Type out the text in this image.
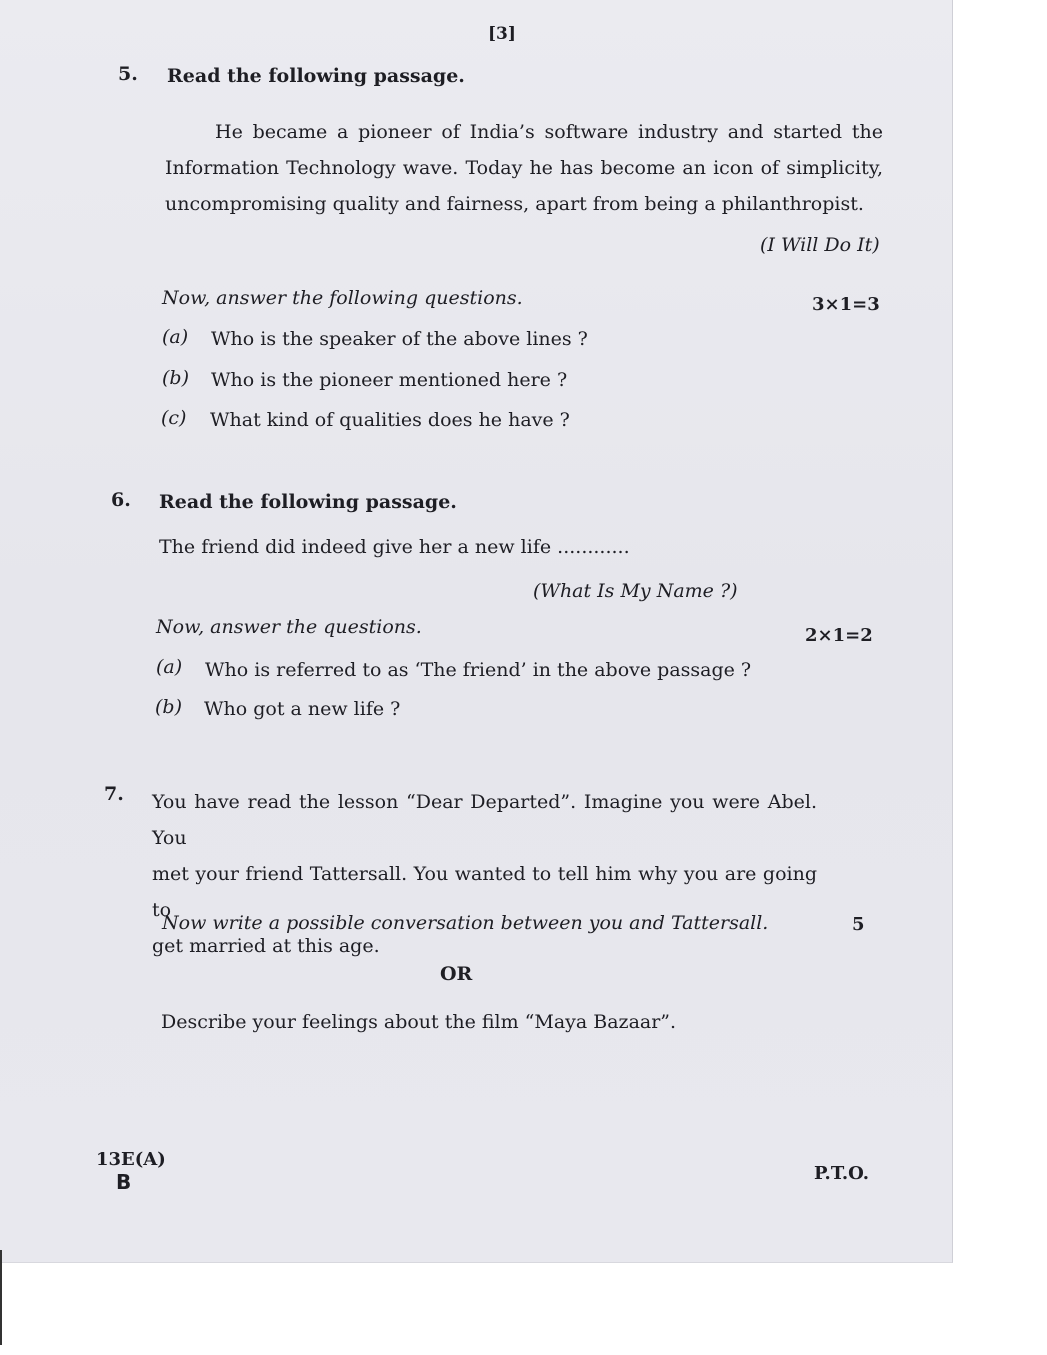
[3]
5. Read the following passage.
He became a pioneer of India’s software industry and started the
Information Technology wave. Today he has become an icon of simplicity,
uncompromising quality and fairness, apart from being a philanthropist.
(I Will Do It)
Now, answer the following questions.	3×1=3
(a) Who is the speaker of the above lines ?
(b) Who is the pioneer mentioned here ?
(c) What kind of qualities does he have ?
6. Read the following passage.
The friend did indeed give her a new life ............
(What Is My Name ?)
Now, answer the questions.	2×1=2
(a) Who is referred to as ‘The friend’ in the above passage ?
(b) Who got a new life ?
7. You have read the lesson “Dear Departed”. Imagine you were Abel. You
met your friend Tattersall. You wanted to tell him why you are going to
get married at this age.
Now write a possible conversation between you and Tattersall.	5
OR
Describe your feelings about the film “Maya Bazaar”.
13E(A)
B	P.T.O.
